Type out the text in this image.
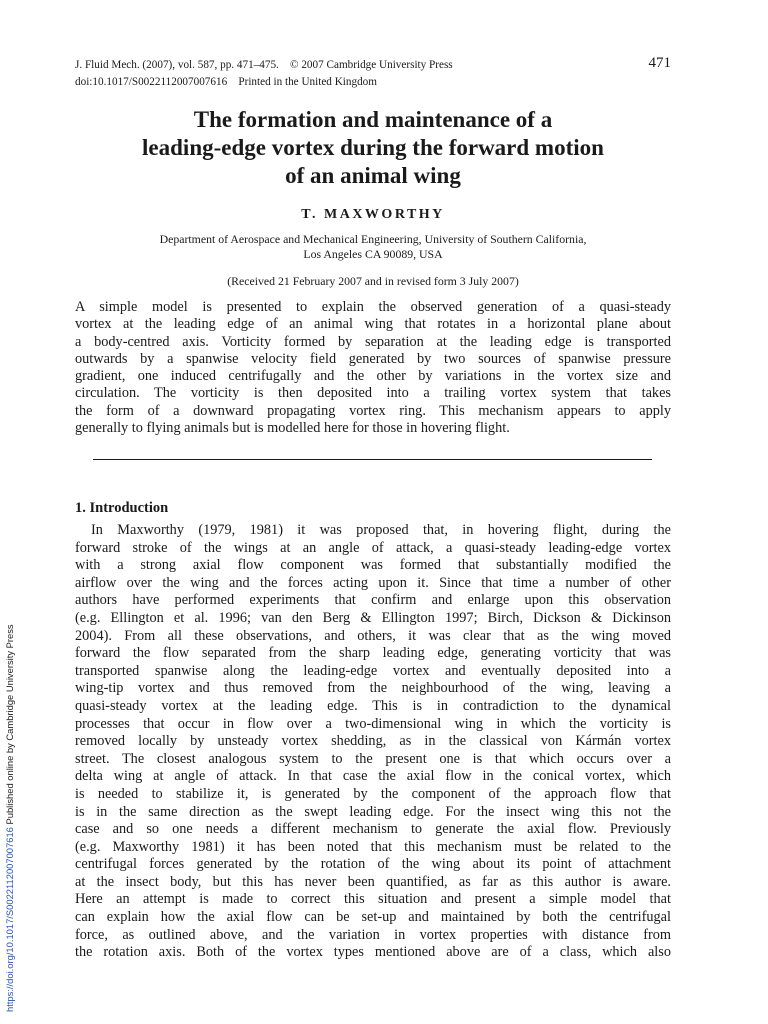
J. Fluid Mech. (2007), vol. 587, pp. 471–475.    © 2007 Cambridge University Press	471
doi:10.1017/S0022112007007616    Printed in the United Kingdom
The formation and maintenance of a
leading-edge vortex during the forward motion
of an animal wing
T. MAXWORTHY
Department of Aerospace and Mechanical Engineering, University of Southern California,
Los Angeles CA 90089, USA
(Received 21 February 2007 and in revised form 3 July 2007)
A simple model is presented to explain the observed generation of a quasi-steady
vortex at the leading edge of an animal wing that rotates in a horizontal plane about
a body-centred axis. Vorticity formed by separation at the leading edge is transported
outwards by a spanwise velocity field generated by two sources of spanwise pressure
gradient, one induced centrifugally and the other by variations in the vortex size and
circulation. The vorticity is then deposited into a trailing vortex system that takes
the form of a downward propagating vortex ring. This mechanism appears to apply
generally to flying animals but is modelled here for those in hovering flight.
1. Introduction
In Maxworthy (1979, 1981) it was proposed that, in hovering flight, during the
forward stroke of the wings at an angle of attack, a quasi-steady leading-edge vortex
with a strong axial flow component was formed that substantially modified the
airflow over the wing and the forces acting upon it. Since that time a number of other
authors have performed experiments that confirm and enlarge upon this observation
(e.g. Ellington et al. 1996; van den Berg & Ellington 1997; Birch, Dickson & Dickinson
2004). From all these observations, and others, it was clear that as the wing moved
forward the flow separated from the sharp leading edge, generating vorticity that was
transported spanwise along the leading-edge vortex and eventually deposited into a
wing-tip vortex and thus removed from the neighbourhood of the wing, leaving a
quasi-steady vortex at the leading edge. This is in contradiction to the dynamical
processes that occur in flow over a two-dimensional wing in which the vorticity is
removed locally by unsteady vortex shedding, as in the classical von Kármán vortex
street. The closest analogous system to the present one is that which occurs over a
delta wing at angle of attack. In that case the axial flow in the conical vortex, which
is needed to stabilize it, is generated by the component of the approach flow that
is in the same direction as the swept leading edge. For the insect wing this not the
case and so one needs a different mechanism to generate the axial flow. Previously
(e.g. Maxworthy 1981) it has been noted that this mechanism must be related to the
centrifugal forces generated by the rotation of the wing about its point of attachment
at the insect body, but this has never been quantified, as far as this author is aware.
Here an attempt is made to correct this situation and present a simple model that
can explain how the axial flow can be set-up and maintained by both the centrifugal
force, as outlined above, and the variation in vortex properties with distance from
the rotation axis. Both of the vortex types mentioned above are of a class, which also
https://doi.org/10.1017/S0022112007007616 Published online by Cambridge University Press
